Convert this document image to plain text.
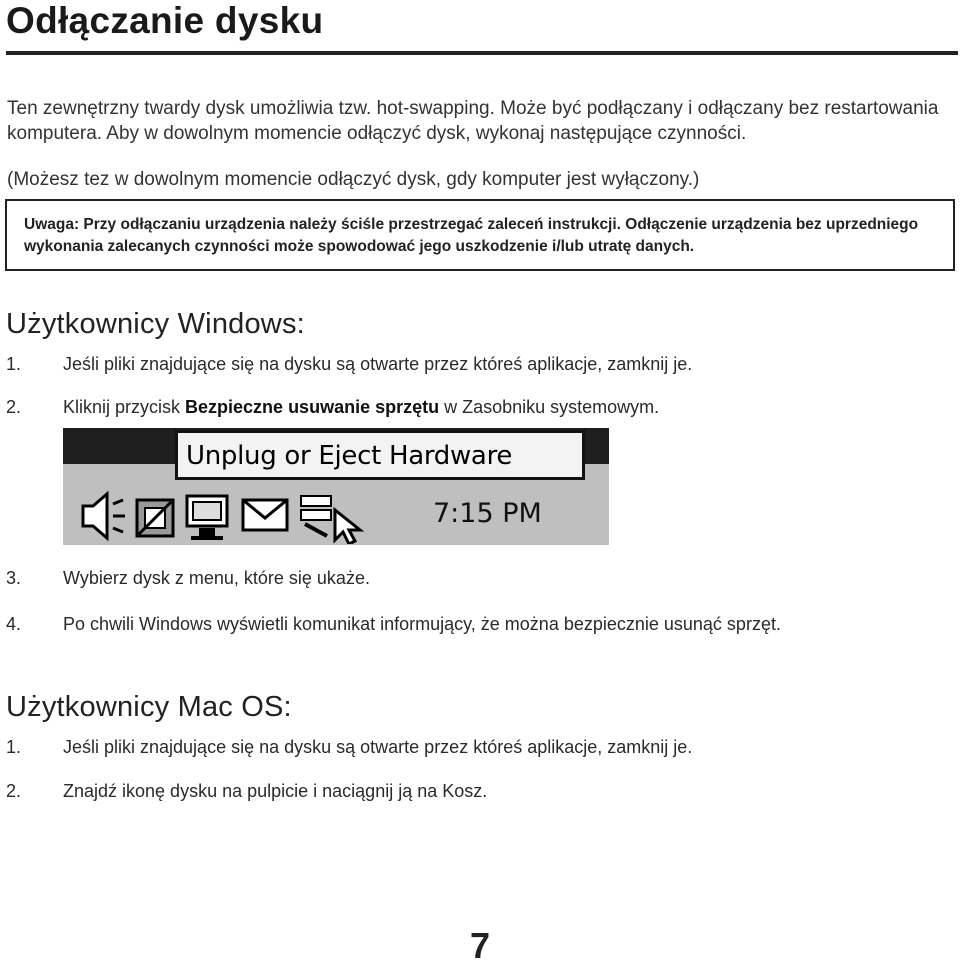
Odłączanie dysku

Ten zewnętrzny twardy dysk umożliwia tzw. hot-swapping. Może być podłączany i odłączany bez restartowania komputera. Aby w dowolnym momencie odłączyć dysk, wykonaj następujące czynności.

(Możesz tez w dowolnym momencie odłączyć dysk, gdy komputer jest wyłączony.)

Uwaga: Przy odłączaniu urządzenia należy ściśle przestrzegać zaleceń instrukcji. Odłączenie urządzenia bez uprzedniego wykonania zalecanych czynności może spowodować jego uszkodzenie i/lub utratę danych.

Użytkownicy Windows:

1. Jeśli pliki znajdujące się na dysku są otwarte przez któreś aplikacje, zamknij je.

2. Kliknij przycisk Bezpieczne usuwanie sprzętu w Zasobniku systemowym.

Unplug or Eject Hardware
7:15 PM

3. Wybierz dysk z menu, które się ukaże.

4. Po chwili Windows wyświetli komunikat informujący, że można bezpiecznie usunąć sprzęt.

Użytkownicy Mac OS:

1. Jeśli pliki znajdujące się na dysku są otwarte przez któreś aplikacje, zamknij je.

2. Znajdź ikonę dysku na pulpicie i naciągnij ją na Kosz.

7
